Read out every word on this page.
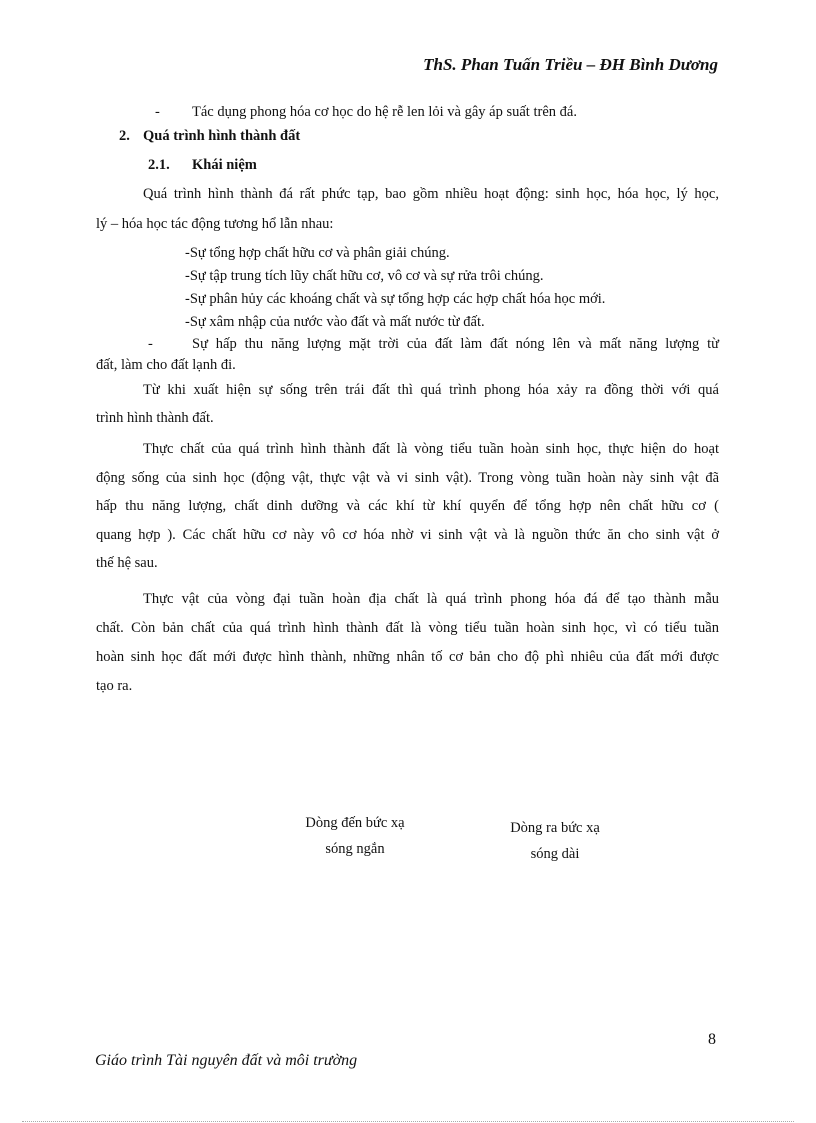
ThS. Phan Tuấn Triều – ĐH Bình Dương
- Tác dụng phong hóa cơ học do hệ rễ len lỏi và gây áp suất trên đá.
2. Quá trình hình thành đất
2.1. Khái niệm
Quá trình hình thành đá rất phức tạp, bao gồm nhiều hoạt động: sinh học, hóa học, lý học,
lý – hóa học tác động tương hổ lẫn nhau:
-Sự tổng hợp chất hữu cơ và phân giải chúng.
-Sự tập trung tích lũy chất hữu cơ, vô cơ và sự rửa trôi chúng.
-Sự phân hủy các khoáng chất và sự tổng hợp các hợp chất hóa học mới.
-Sự xâm nhập của nước vào đất và mất nước từ đất.
-	Sự hấp thu năng lượng mặt trời của đất làm đất nóng lên và mất năng lượng từ
đất, làm cho đất lạnh đi.
Từ khi xuất hiện sự sống trên trái đất thì quá trình phong hóa xảy ra đồng thời với quá
trình hình thành đất.
Thực chất của quá trình hình thành đất là vòng tiểu tuần hoàn sinh học, thực hiện do hoạt
động sống của sinh học (động vật, thực vật và vi sinh vật). Trong vòng tuần hoàn này sinh vật đã
hấp thu năng lượng, chất dinh dưỡng và các khí từ khí quyển để tổng hợp nên chất hữu cơ (
quang hợp ). Các chất hữu cơ này vô cơ hóa nhờ vi sinh vật và là nguồn thức ăn cho sinh vật ở
thế hệ sau.
Thực vật của vòng đại tuần hoàn địa chất là quá trình phong hóa đá để tạo thành mẫu
chất. Còn bản chất của quá trình hình thành đất là vòng tiểu tuần hoàn sinh học, vì có tiểu tuần
hoàn sinh học đất mới được hình thành, những nhân tố cơ bản cho độ phì nhiêu của đất mới được
tạo ra.
Dòng đến bức xạ
sóng ngắn
Dòng ra bức xạ
sóng dài
8
Giáo trình Tài nguyên đất và môi trường
